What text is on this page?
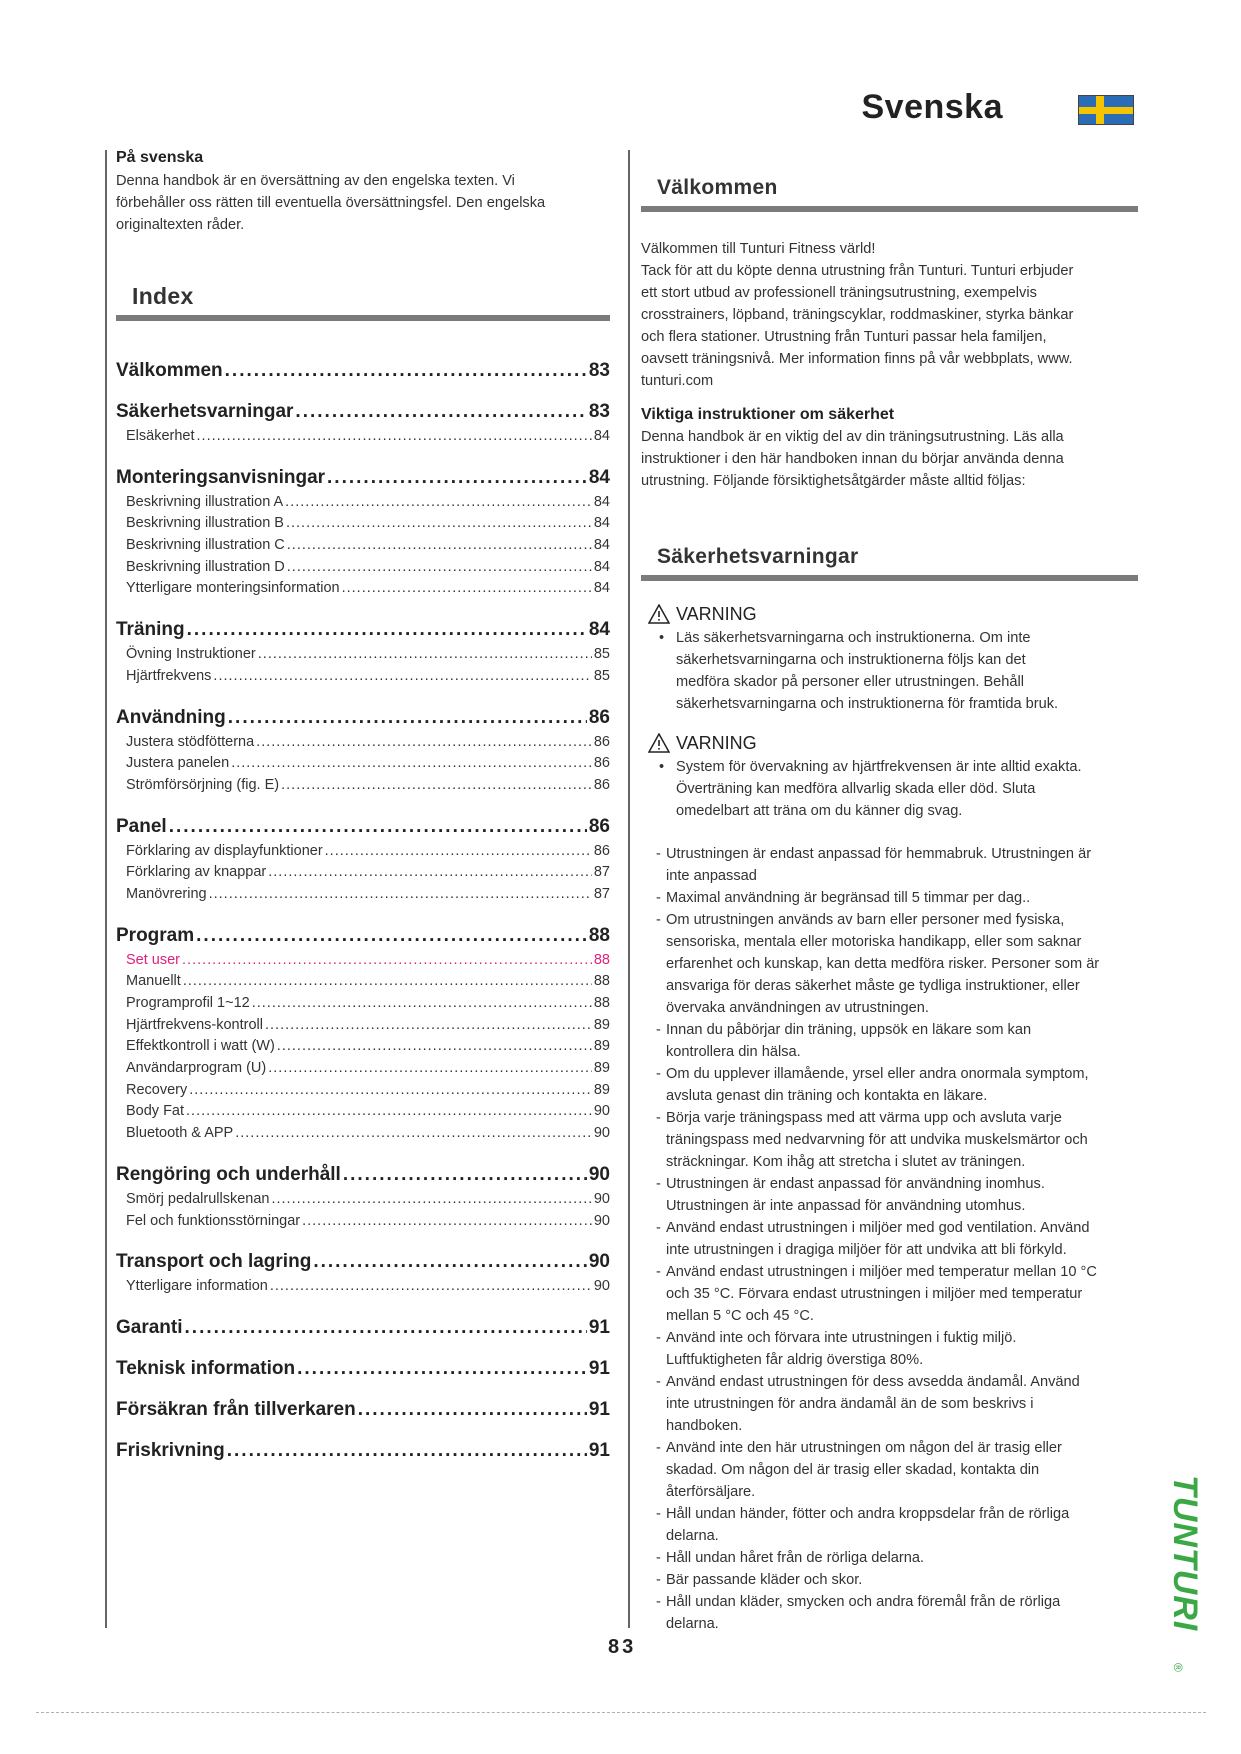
Svenska

På svenska

Denna handbok är en översättning av den engelska texten. Vi
förbehåller oss rätten till eventuella översättningsfel. Den engelska
originaltexten råder.

Index
Välkommen .....	83
Säkerhetsvarningar .....	83
Elsäkerhet .....	84
Monteringsanvisningar .....	84
Beskrivning illustration A .....	84
Beskrivning illustration B .....	84
Beskrivning illustration C .....	84
Beskrivning illustration D .....	84
Ytterligare monteringsinformation .....	84
Träning .....	84
Övning Instruktioner .....	85
Hjärtfrekvens .....	85
Användning .....	86
Justera stödfötterna .....	86
Justera panelen .....	86
Strömförsörjning (fig. E) .....	86
Panel .....	86
Förklaring av displayfunktioner .....	86
Förklaring av knappar .....	87
Manövrering .....	87
Program .....	88
Set user .....	88
Manuellt .....	88
Programprofil 1~12 .....	88
Hjärtfrekvens-kontroll .....	89
Effektkontroll i watt (W) .....	89
Användarprogram (U) .....	89
Recovery .....	89
Body Fat .....	90
Bluetooth & APP .....	90
Rengöring och underhåll .....	90
Smörj pedalrullskenan .....	90
Fel och funktionsstörningar .....	90
Transport och lagring .....	90
Ytterligare information .....	90
Garanti .....	91
Teknisk information .....	91
Försäkran från tillverkaren .....	91
Friskrivning .....	91
Välkommen

Välkommen till Tunturi Fitness värld!
Tack för att du köpte denna utrustning från Tunturi. Tunturi erbjuder
ett stort utbud av professionell träningsutrustning, exempelvis
crosstrainers, löpband, träningscyklar, roddmaskiner, styrka bänkar
och flera stationer. Utrustning från Tunturi passar hela familjen,
oavsett träningsnivå. Mer information finns på vår webbplats, www.
tunturi.com

Viktiga instruktioner om säkerhet

Denna handbok är en viktig del av din träningsutrustning. Läs alla
instruktioner i den här handboken innan du börjar använda denna
utrustning. Följande försiktighetsåtgärder måste alltid följas:

Säkerhetsvarningar

VARNING

• Läs säkerhetsvarningarna och instruktionerna. Om inte
säkerhetsvarningarna och instruktionerna följs kan det
medföra skador på personer eller utrustningen. Behåll
säkerhetsvarningarna och instruktionerna för framtida bruk.

VARNING

• System för övervakning av hjärtfrekvensen är inte alltid exakta.
Överträning kan medföra allvarlig skada eller död. Sluta
omedelbart att träna om du känner dig svag.

- Utrustningen är endast anpassad för hemmabruk. Utrustningen är
inte anpassad

- Maximal användning är begränsad till 5 timmar per dag..

- Om utrustningen används av barn eller personer med fysiska,
sensoriska, mentala eller motoriska handikapp, eller som saknar
erfarenhet och kunskap, kan detta medföra risker. Personer som är
ansvariga för deras säkerhet måste ge tydliga instruktioner, eller
övervaka användningen av utrustningen.

- Innan du påbörjar din träning, uppsök en läkare som kan
kontrollera din hälsa.

- Om du upplever illamående, yrsel eller andra onormala symptom,
avsluta genast din träning och kontakta en läkare.

- Börja varje träningspass med att värma upp och avsluta varje
träningspass med nedvarvning för att undvika muskelsmärtor och
sträckningar. Kom ihåg att stretcha i slutet av träningen.

- Utrustningen är endast anpassad för användning inomhus.
Utrustningen är inte anpassad för användning utomhus.

- Använd endast utrustningen i miljöer med god ventilation. Använd
inte utrustningen i dragiga miljöer för att undvika att bli förkyld.

- Använd endast utrustningen i miljöer med temperatur mellan 10 °C
och 35 °C. Förvara endast utrustningen i miljöer med temperatur
mellan 5 °C och 45 °C.

- Använd inte och förvara inte utrustningen i fuktig miljö.
Luftfuktigheten får aldrig överstiga 80%.

- Använd endast utrustningen för dess avsedda ändamål. Använd
inte utrustningen för andra ändamål än de som beskrivs i
handboken.

- Använd inte den här utrustningen om någon del är trasig eller
skadad. Om någon del är trasig eller skadad, kontakta din
återförsäljare.

- Håll undan händer, fötter och andra kroppsdelar från de rörliga
delarna.

- Håll undan håret från de rörliga delarna.

- Bär passande kläder och skor.

- Håll undan kläder, smycken och andra föremål från de rörliga
delarna.

83
TUNTURI
®
